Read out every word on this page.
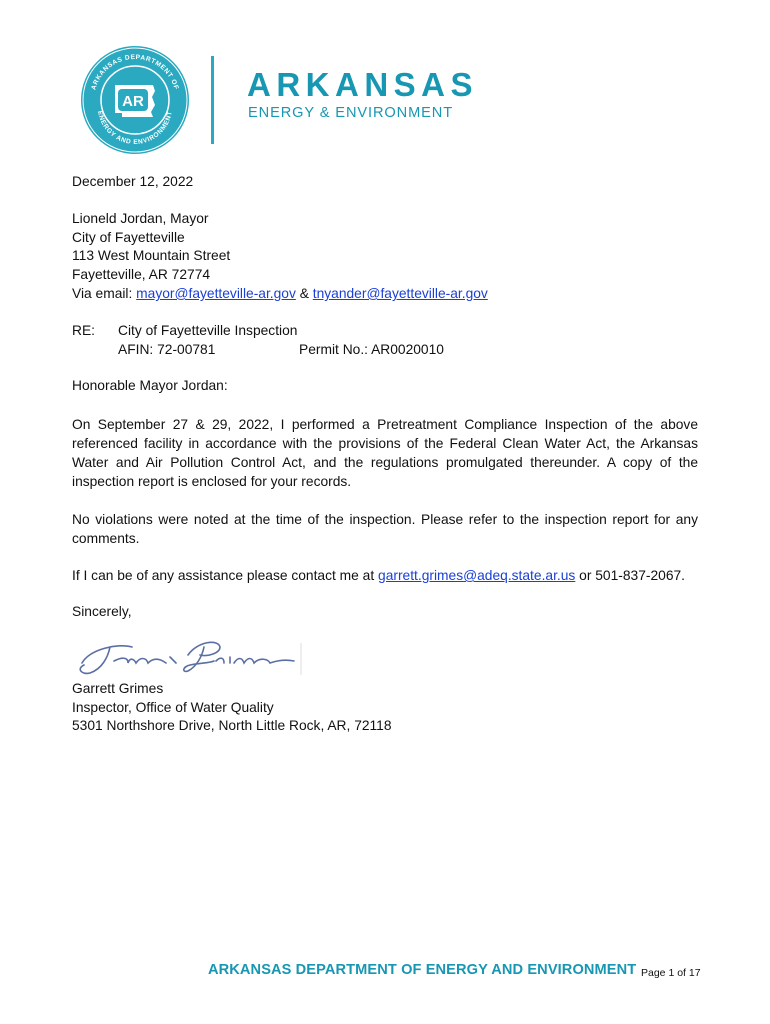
ARKANSAS DEPARTMENT OF
ENERGY AND ENVIRONMENT
AR	ARKANSAS
ENERGY & ENVIRONMENT
December 12, 2022
Lioneld Jordan, Mayor
City of Fayetteville
113 West Mountain Street
Fayetteville, AR 72774
Via email: mayor@fayetteville-ar.gov & tnyander@fayetteville-ar.gov
RE: City of Fayetteville Inspection
AFIN: 72-00781	Permit No.: AR0020010
Honorable Mayor Jordan:
On September 27 & 29, 2022, I performed a Pretreatment Compliance Inspection of the above referenced facility in accordance with the provisions of the Federal Clean Water Act, the Arkansas Water and Air Pollution Control Act, and the regulations promulgated thereunder. A copy of the inspection report is enclosed for your records.
No violations were noted at the time of the inspection. Please refer to the inspection report for any comments.
If I can be of any assistance please contact me at garrett.grimes@adeq.state.ar.us or 501-837-2067.
Sincerely,
Garrett Grimes
Inspector, Office of Water Quality
5301 Northshore Drive, North Little Rock, AR, 72118
ARKANSAS DEPARTMENT OF ENERGY AND ENVIRONMENT Page 1 of 17
